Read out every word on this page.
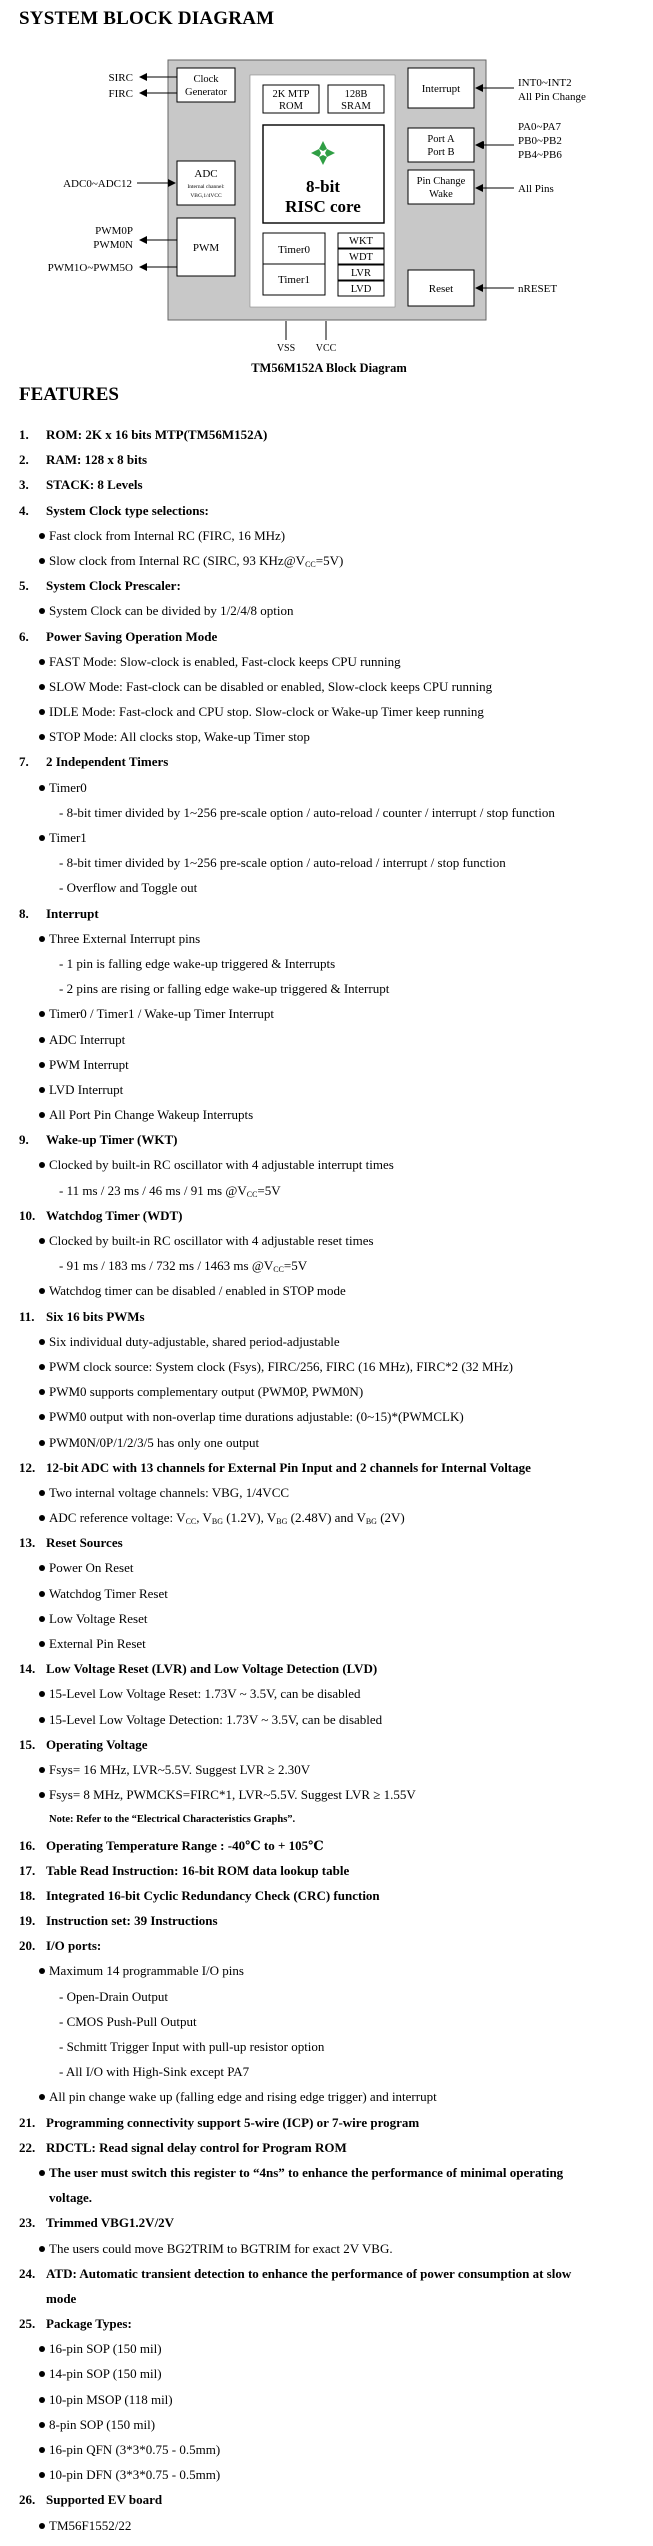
SYSTEM BLOCK DIAGRAM
Clock
Generator	2K MTP
ROM
128B
SRAM
8-bit
RISC core
Timer0
Timer1
WKT
WDT
LVR
LVD
ADC
Internal channel:
VBG,1/4VCC
PWM
Interrupt
Port A
Port B
Pin Change
Wake
Reset
SIRC
FIRC
ADC0~ADC12
PWM0P
PWM0N
PWM1O~PWM5O
INT0~INT2
All Pin Change
PA0~PA7
PB0~PB2
PB4~PB6
All Pins
nRESET
VSS VCC
TM56M152A Block Diagram
FEATURES
1. ROM: 2K x 16 bits MTP(TM56M152A)
2. RAM: 128 x 8 bits
3. STACK: 8 Levels
4. System Clock type selections:
Fast clock from Internal RC (FIRC, 16 MHz)
Slow clock from Internal RC (SIRC, 93 $KHz@V_{CC}=5V$)
5. System Clock Prescaler:
System Clock can be divided by 1/2/4/8 option
6. Power Saving Operation Mode
FAST Mode: Slow-clock is enabled, Fast-clock keeps CPU running
SLOW Mode: Fast-clock can be disabled or enabled, Slow-clock keeps CPU running
IDLE Mode: Fast-clock and CPU stop. Slow-clock or Wake-up Timer keep running
STOP Mode: All clocks stop, Wake-up Timer stop
7. 2 Independent Timers
Timer0
- 8-bit timer divided by 1~256 pre-scale option / auto-reload / counter / interrupt / stop function
Timer1
- 8-bit timer divided by 1~256 pre-scale option / auto-reload / interrupt / stop function
- Overflow and Toggle out
8. Interrupt
Three External Interrupt pins
- 1 pin is falling edge wake-up triggered & Interrupts
- 2 pins are rising or falling edge wake-up triggered & Interrupt
Timer0 / Timer1 / Wake-up Timer Interrupt
ADC Interrupt
PWM Interrupt
LVD Interrupt
All Port Pin Change Wakeup Interrupts
9. Wake-up Timer (WKT)
Clocked by built-in RC oscillator with 4 adjustable interrupt times
- 11 ms / 23 ms / 46 ms / 91 ms $@V_{CC}=5V$
10. Watchdog Timer (WDT)
Clocked by built-in RC oscillator with 4 adjustable reset times
- 91 ms / 183 ms / 732 ms / 1463 ms $@V_{CC}=5V$
Watchdog timer can be disabled / enabled in STOP mode
11. Six 16 bits PWMs
Six individual duty-adjustable, shared period-adjustable
PWM clock source: System clock (Fsys), FIRC/256, FIRC (16 MHz), FIRC*2 (32 MHz)
PWM0 supports complementary output (PWM0P, PWM0N)
PWM0 output with non-overlap time durations adjustable: (0~15)*(PWMCLK)
PWM0N/0P/1/2/3/5 has only one output
12. 12-bit ADC with 13 channels for External Pin Input and 2 channels for Internal Voltage
Two internal voltage channels: VBG, 1/4VCC
ADC reference voltage: $V_{CC}$, $V_{BG}$ (1.2V), $V_{BG}$ (2.48V) and $V_{BG}$ (2V)
13. Reset Sources
Power On Reset
Watchdog Timer Reset
Low Voltage Reset
External Pin Reset
14. Low Voltage Reset (LVR) and Low Voltage Detection (LVD)
15-Level Low Voltage Reset: 1.73V ~ 3.5V, can be disabled
15-Level Low Voltage Detection: 1.73V ~ 3.5V, can be disabled
15. Operating Voltage
Fsys= 16 MHz, LVR~5.5V. Suggest LVR ≥ 2.30V
Fsys= 8 MHz, PWMCKS=FIRC*1, LVR~5.5V. Suggest LVR ≥ 1.55V
Note: Refer to the “Electrical Characteristics Graphs”.
16. Operating Temperature Range : -40℃ to + 105℃
17. Table Read Instruction: 16-bit ROM data lookup table
18. Integrated 16-bit Cyclic Redundancy Check (CRC) function
19. Instruction set: 39 Instructions
20. I/O ports:
Maximum 14 programmable I/O pins
- Open-Drain Output
- CMOS Push-Pull Output
- Schmitt Trigger Input with pull-up resistor option
- All I/O with High-Sink except PA7
All pin change wake up (falling edge and rising edge trigger) and interrupt
21. Programming connectivity support 5-wire (ICP) or 7-wire program
22. RDCTL: Read signal delay control for Program ROM
The user must switch this register to “4ns” to enhance the performance of minimal operating
voltage.
23. Trimmed VBG1.2V/2V
The users could move BG2TRIM to BGTRIM for exact 2V VBG.
24. ATD: Automatic transient detection to enhance the performance of power consumption at slow
mode
25. Package Types:
16-pin SOP (150 mil)
14-pin SOP (150 mil)
10-pin MSOP (118 mil)
8-pin SOP (150 mil)
16-pin QFN (3*3*0.75 - 0.5mm)
10-pin DFN (3*3*0.75 - 0.5mm)
26. Supported EV board
TM56F1552/22
